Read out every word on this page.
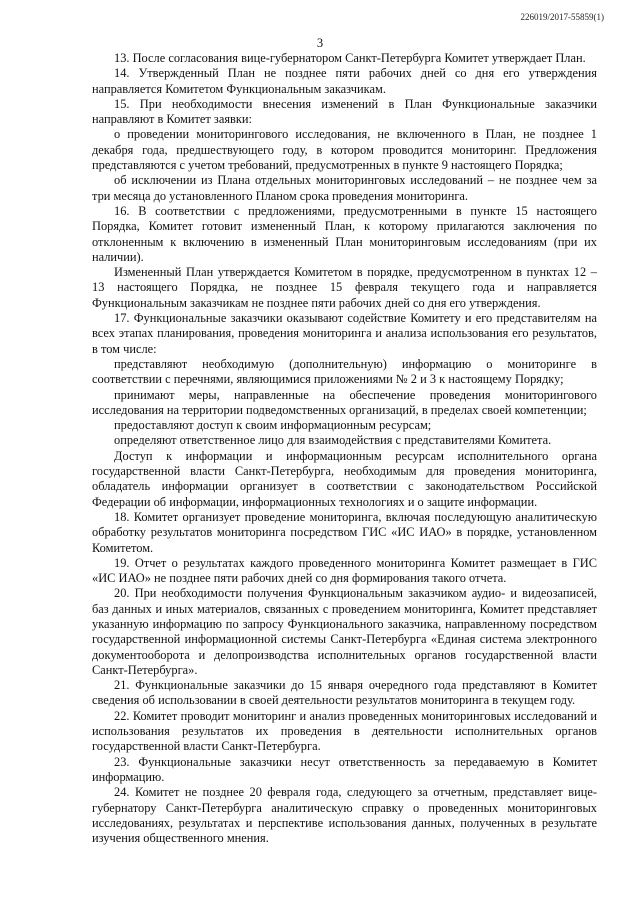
226019/2017-55859(1)
3

13. После согласования вице-губернатором Санкт-Петербурга Комитет утверждает План.

14. Утвержденный План не позднее пяти рабочих дней со дня его утверждения направляется Комитетом Функциональным заказчикам.

15. При необходимости внесения изменений в План Функциональные заказчики направляют в Комитет заявки:

о проведении мониторингового исследования, не включенного в План, не позднее 1 декабря года, предшествующего году, в котором проводится мониторинг. Предложения представляются с учетом требований, предусмотренных в пункте 9 настоящего Порядка;

об исключении из Плана отдельных мониторинговых исследований – не позднее чем за три месяца до установленного Планом срока проведения мониторинга.

16. В соответствии с предложениями, предусмотренными в пункте 15 настоящего Порядка, Комитет готовит измененный План, к которому прилагаются заключения по отклоненным к включению в измененный План мониторинговым исследованиям (при их наличии).

Измененный План утверждается Комитетом в порядке, предусмотренном в пунктах 12 – 13 настоящего Порядка, не позднее 15 февраля текущего года и направляется Функциональным заказчикам не позднее пяти рабочих дней со дня его утверждения.

17. Функциональные заказчики оказывают содействие Комитету и его представителям на всех этапах планирования, проведения мониторинга и анализа использования его результатов, в том числе:

представляют необходимую (дополнительную) информацию о мониторинге в соответствии с перечнями, являющимися приложениями № 2 и 3 к настоящему Порядку;

принимают меры, направленные на обеспечение проведения мониторингового исследования на территории подведомственных организаций, в пределах своей компетенции;

предоставляют доступ к своим информационным ресурсам;

определяют ответственное лицо для взаимодействия с представителями Комитета.

Доступ к информации и информационным ресурсам исполнительного органа государственной власти Санкт-Петербурга, необходимым для проведения мониторинга, обладатель информации организует в соответствии с законодательством Российской Федерации об информации, информационных технологиях и о защите информации.

18. Комитет организует проведение мониторинга, включая последующую аналитическую обработку результатов мониторинга посредством ГИС «ИС ИАО» в порядке, установленном Комитетом.

19. Отчет о результатах каждого проведенного мониторинга Комитет размещает в ГИС «ИС ИАО» не позднее пяти рабочих дней со дня формирования такого отчета.

20. При необходимости получения Функциональным заказчиком аудио- и видеозаписей, баз данных и иных материалов, связанных с проведением мониторинга, Комитет представляет указанную информацию по запросу Функционального заказчика, направленному посредством государственной информационной системы Санкт-Петербурга «Единая система электронного документооборота и делопроизводства исполнительных органов государственной власти Санкт-Петербурга».

21. Функциональные заказчики до 15 января очередного года представляют в Комитет сведения об использовании в своей деятельности результатов мониторинга в текущем году.

22. Комитет проводит мониторинг и анализ проведенных мониторинговых исследований и использования результатов их проведения в деятельности исполнительных органов государственной власти Санкт-Петербурга.

23. Функциональные заказчики несут ответственность за передаваемую в Комитет информацию.

24. Комитет не позднее 20 февраля года, следующего за отчетным, представляет вице-губернатору Санкт-Петербурга аналитическую справку о проведенных мониторинговых исследованиях, результатах и перспективе использования данных, полученных в результате изучения общественного мнения.
